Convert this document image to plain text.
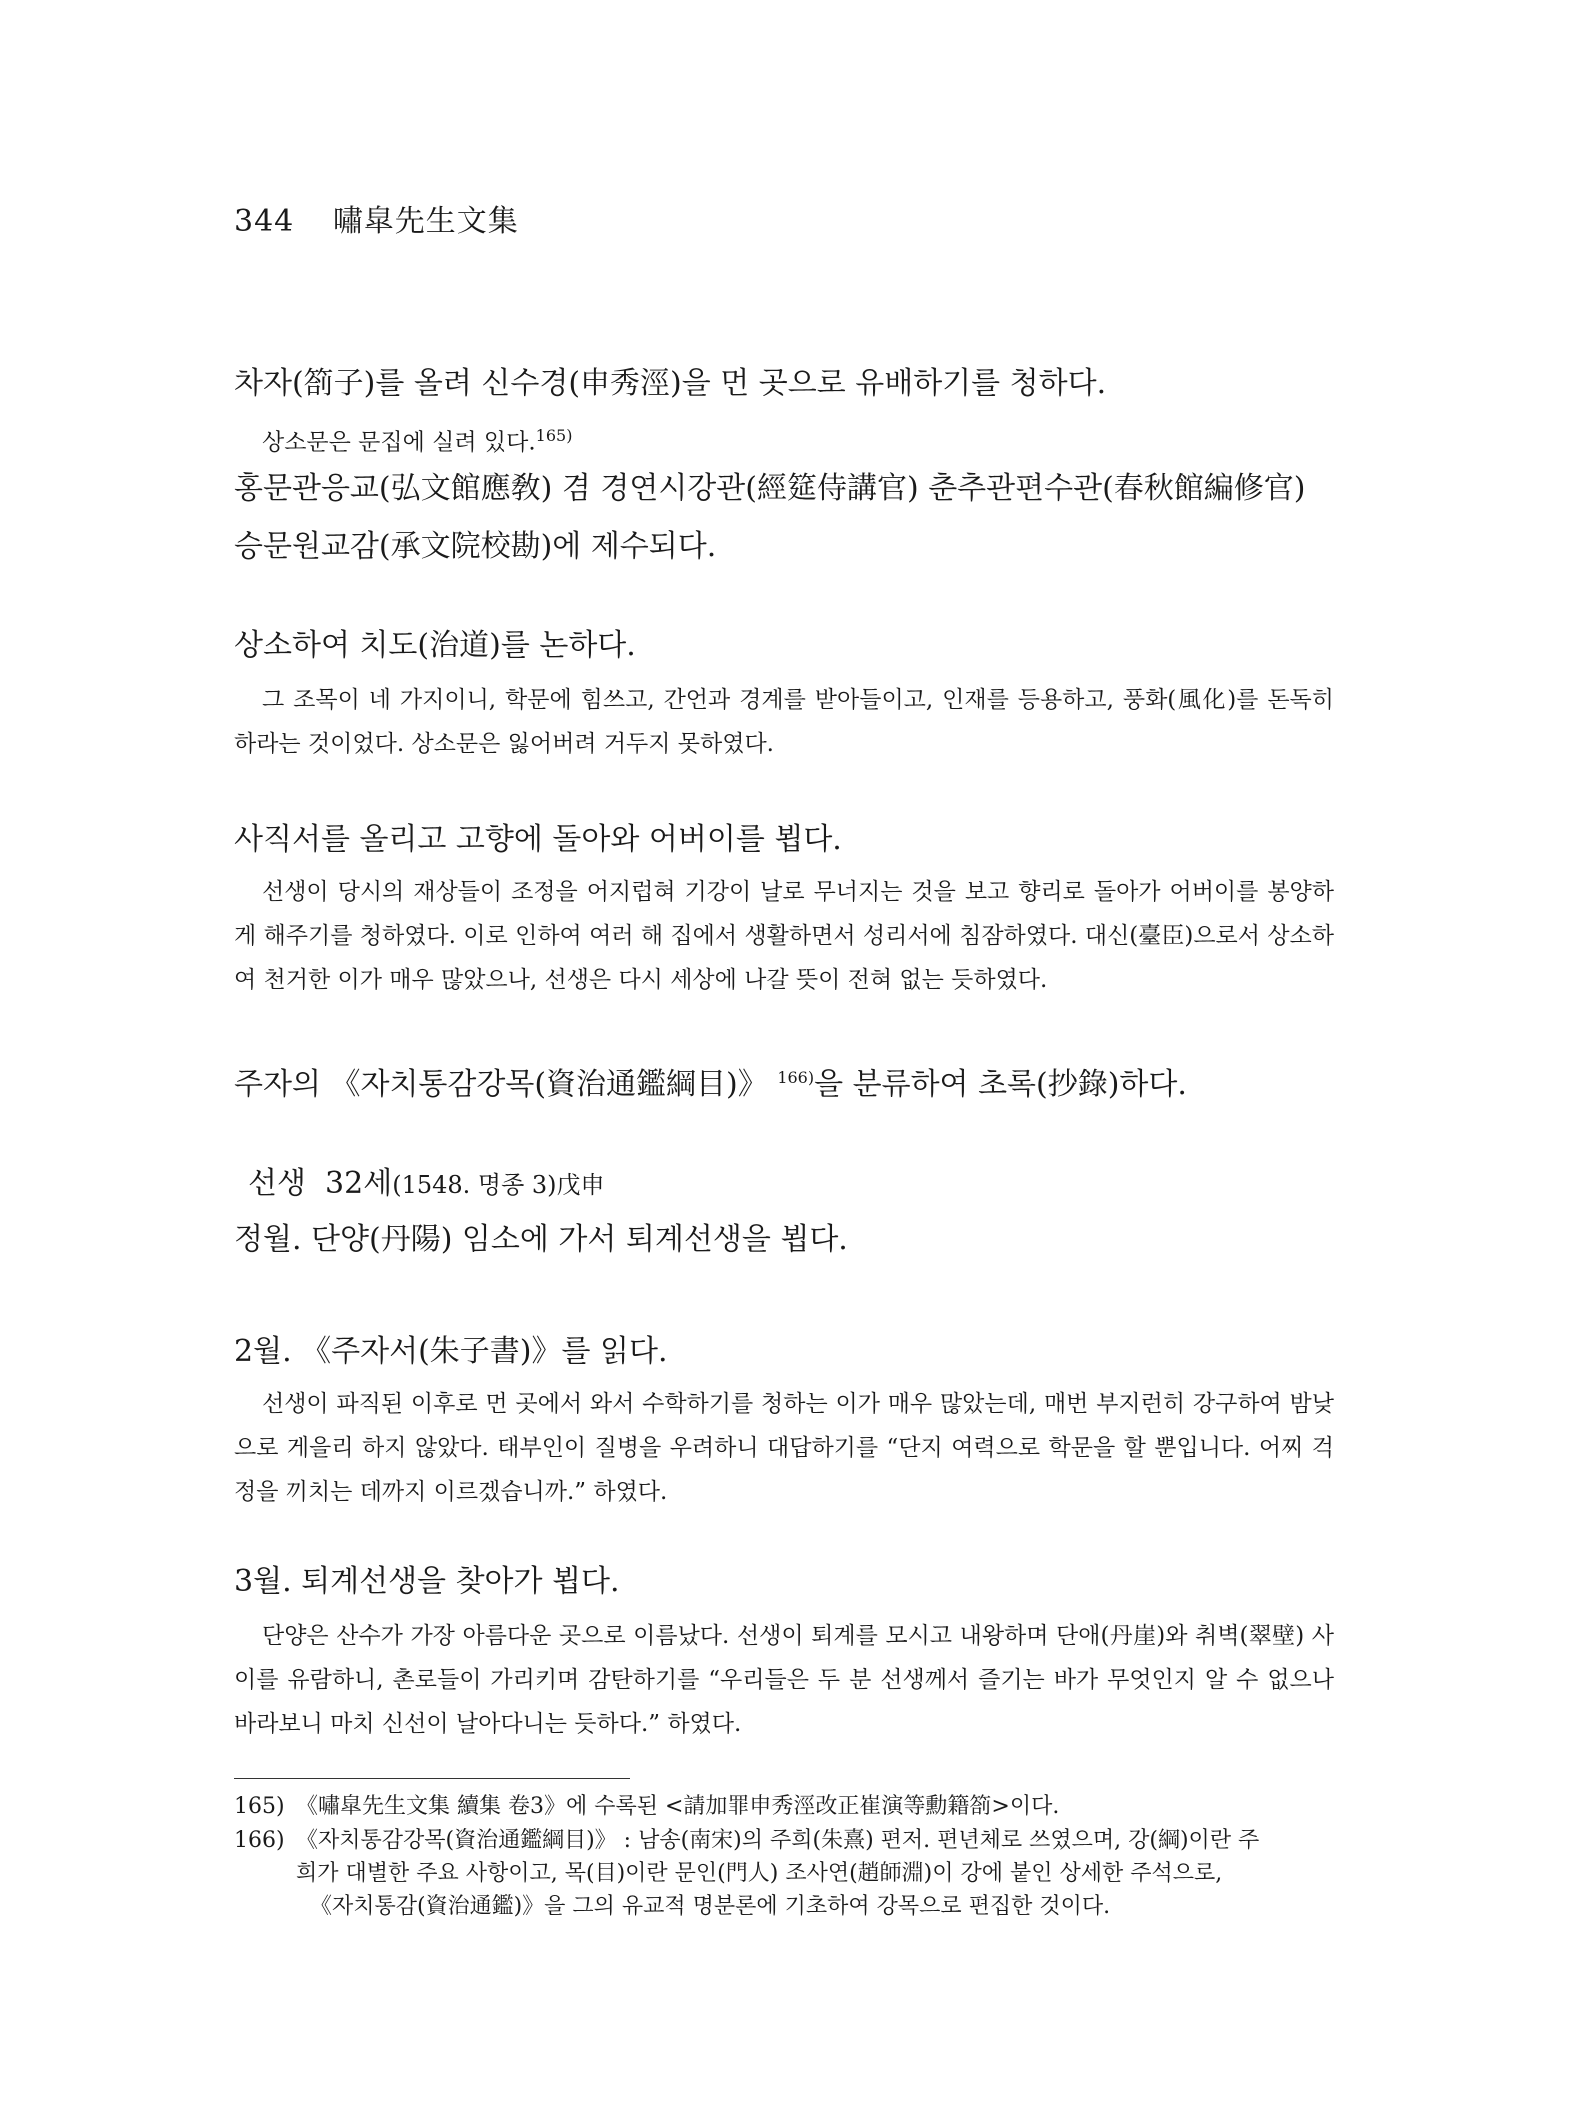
344 嘯皐先生文集
차자(箚子)를 올려 신수경(申秀涇)을 먼 곳으로 유배하기를 청하다.
상소문은 문집에 실려 있다.$^{165)}$
홍문관응교(弘文館應敎) 겸 경연시강관(經筵侍講官) 춘추관편수관(春秋館編修官) 승문원교감(承文院校勘)에 제수되다.
상소하여 치도(治道)를 논하다.
그 조목이 네 가지이니, 학문에 힘쓰고, 간언과 경계를 받아들이고, 인재를 등용하고, 풍화(風化)를 돈독히 하라는 것이었다. 상소문은 잃어버려 거두지 못하였다.
사직서를 올리고 고향에 돌아와 어버이를 뵙다.
선생이 당시의 재상들이 조정을 어지럽혀 기강이 날로 무너지는 것을 보고 향리로 돌아가 어버이를 봉양하게 해주기를 청하였다. 이로 인하여 여러 해 집에서 생활하면서 성리서에 침잠하였다. 대신(臺臣)으로서 상소하여 천거한 이가 매우 많았으나, 선생은 다시 세상에 나갈 뜻이 전혀 없는 듯하였다.
주자의 《자치통감강목(資治通鑑綱目)》 $^{166)}$을 분류하여 초록(抄錄)하다.
선생 32세(1548. 명종 3)戊申
정월. 단양(丹陽) 임소에 가서 퇴계선생을 뵙다.
2월. 《주자서(朱子書)》를 읽다.
선생이 파직된 이후로 먼 곳에서 와서 수학하기를 청하는 이가 매우 많았는데, 매번 부지런히 강구하여 밤낮으로 게을리 하지 않았다. 태부인이 질병을 우려하니 대답하기를 “단지 여력으로 학문을 할 뿐입니다. 어찌 걱정을 끼치는 데까지 이르겠습니까.” 하였다.
3월. 퇴계선생을 찾아가 뵙다.
단양은 산수가 가장 아름다운 곳으로 이름났다. 선생이 퇴계를 모시고 내왕하며 단애(丹崖)와 취벽(翠壁) 사이를 유람하니, 촌로들이 가리키며 감탄하기를 “우리들은 두 분 선생께서 즐기는 바가 무엇인지 알 수 없으나 바라보니 마치 신선이 날아다니는 듯하다.” 하였다.
165) 《嘯皐先生文集 續集 卷3》에 수록된 <請加罪申秀涇改正崔演等勳籍箚>이다.
166) 《자치통감강목(資治通鑑綱目)》 : 남송(南宋)의 주희(朱熹) 편저. 편년체로 쓰였으며, 강(綱)이란 주
희가 대별한 주요 사항이고, 목(目)이란 문인(門人) 조사연(趙師淵)이 강에 붙인 상세한 주석으로,
《자치통감(資治通鑑)》을 그의 유교적 명분론에 기초하여 강목으로 편집한 것이다.
